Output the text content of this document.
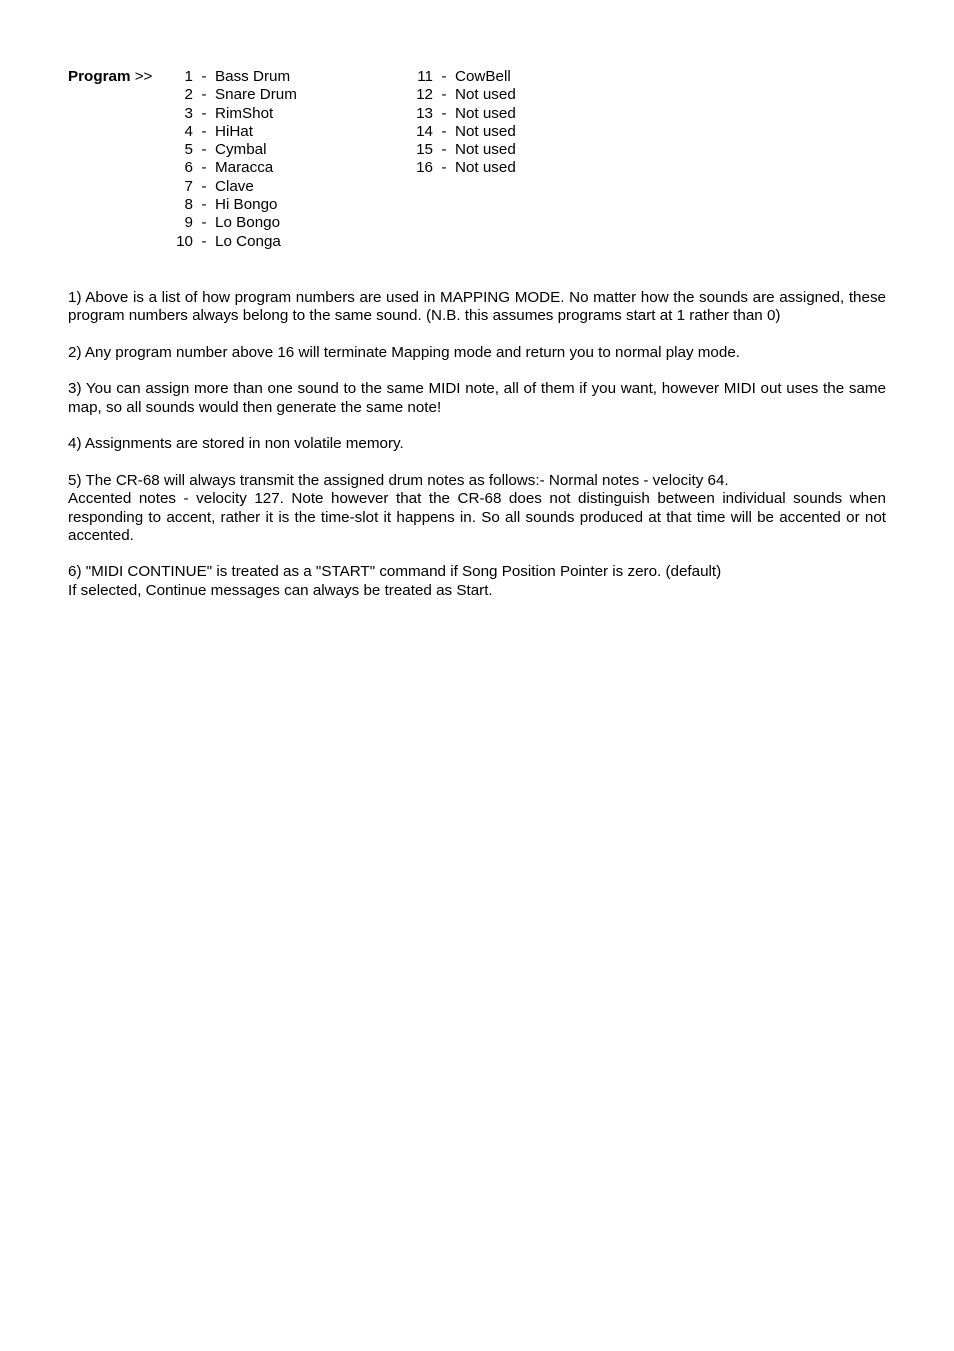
Program >>	1 - Bass Drum
2 - Snare Drum
3 - RimShot
4 - HiHat
5 - Cymbal
6 - Maracca
7 - Clave
8 - Hi Bongo
9 - Lo Bongo
10 - Lo Conga
11 - CowBell
12 - Not used
13 - Not used
14 - Not used
15 - Not used
16 - Not used

1) Above is a list of how program numbers are used in MAPPING MODE. No matter how the sounds are assigned, these program numbers always belong to the same sound. (N.B. this assumes programs start at 1 rather than 0)

2) Any program number above 16 will terminate Mapping mode and return you to normal play mode.

3) You can assign more than one sound to the same MIDI note, all of them if you want, however MIDI out uses the same map, so all sounds would then generate the same note!

4) Assignments are stored in non volatile memory.

5) The CR-68 will always transmit the assigned drum notes as follows:- Normal notes - velocity 64.
Accented notes - velocity 127. Note however that the CR-68 does not distinguish between individual sounds when responding to accent, rather it is the time-slot it happens in. So all sounds produced at that time will be accented or not accented.

6) "MIDI CONTINUE" is treated as a "START" command if Song Position Pointer is zero. (default)
If selected, Continue messages can always be treated as Start.
